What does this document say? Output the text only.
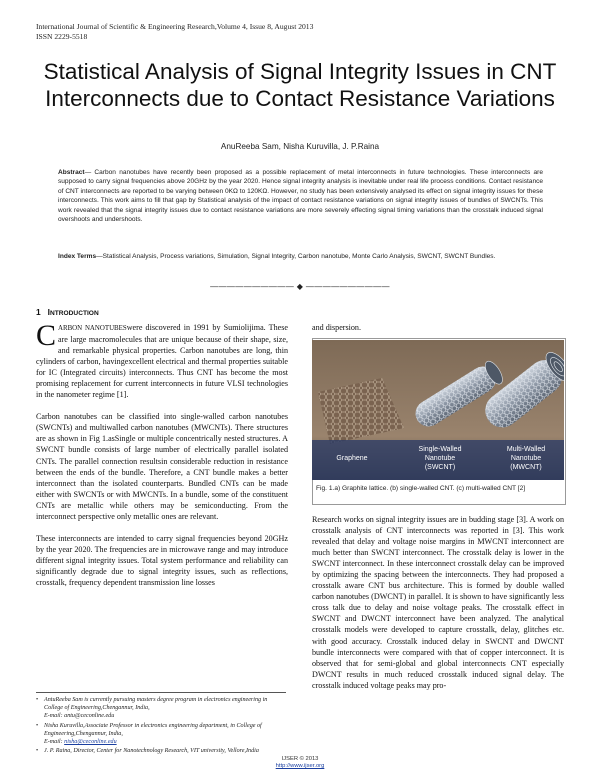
International Journal of Scientific & Engineering Research,Volume 4, Issue 8, August 2013
ISSN 2229-5518
Statistical Analysis of Signal Integrity Issues in CNT Interconnects due to Contact Resistance Variations
AnuReeba Sam, Nisha Kuruvilla, J. P.Raina
Abstract— Carbon nanotubes have recently been proposed as a possible replacement of metal interconnects in future technologies. These interconnects are supposed to carry signal frequencies above 20GHz by the year 2020. Hence signal integrity analysis is inevitable under real life process conditions. Contact resistance of CNT interconnects are reported to be varying between 0KΩ to 120KΩ. However, no study has been extensively analysed its effect on signal integrity issues for these interconnects. This work aims to fill that gap by Statistical analysis of the impact of contact resistance variations on signal integrity issues of bundles of SWCNTs. This work revealed that the signal integrity issues due to contact resistance variations are more severely effecting signal timing variations than the crosstalk induced signal overshoots and undershoots.
Index Terms—Statistical Analysis, Process variations, Simulation, Signal Integrity, Carbon nanotube, Monte Carlo Analysis, SWCNT, SWCNT Bundles.
—————————— ◆ ——————————
1 INTRODUCTION

CARBON NANOTUBESwere discovered in 1991 by Sumiolijima. These are large macromolecules that are unique because of their shape, size, and remarkable physical properties. Carbon nanotubes are long, thin cylinders of carbon, havingexcellent electrical and thermal properties suitable for IC (Integrated circuits) interconnects. Thus CNT has become the most promising replacement for current interconnects in future VLSI technologies in the nanometer regime [1].

Carbon nanotubes can be classified into single-walled carbon nanotubes (SWCNTs) and multiwalled carbon nanotubes (MWCNTs). There structures are as shown in Fig 1.asSingle or multiple concentrically nested structures. A SWCNT bundle consists of large number of electrically parallel isolated CNTs. The parallel connection resultsin considerable reduction in resistance between the ends of the bundle. Therefore, a CNT bundle makes a better interconnect than the isolated counterparts. Bundled CNTs can be made either with SWCNTs or with MWCNTs. In a bundle, some of the constituent CNTs are metallic while others may be semiconducting. From the interconnect perspective only metallic ones are relevant.

These interconnects are intended to carry signal frequencies beyond 20GHz by the year 2020. The frequencies are in microwave range and may introduce different signal integrity issues. Total system performance and reliability can significantly degrade due to signal integrity issues, such as reflections, crosstalk, frequency dependent transmission line losses

and dispersion.
Graphene
Single-Walled
Nanotube
(SWCNT)
Multi-Walled
Nanotube
(MWCNT)
Fig. 1.a) Graphite lattice. (b) single-walled CNT. (c) multi-walled CNT [2]
Research works on signal integrity issues are in budding stage [3]. A work on crosstalk analysis of CNT interconnects was reported in [3]. This work revealed that delay and voltage noise margins in MWCNT interconnect are much better than SWCNT interconnect. The crosstalk delay is lower in the SWCNT interconnect. In these interconnect crosstalk delay can be improved by optimizing the spacing between the interconnects. They had proposed a crosstalk aware CNT bus architecture. This is formed by double walled carbon nanotubes (DWCNT) in parallel. It is shown to have significantly less cross talk due to delay and noise voltage peaks. The crosstalk effect in SWCNT and DWCNT interconnect have been analyzed. The analytical crosstalk models were developed to capture crosstalk, delay, glitches etc. with good accuracy. Crosstalk induced delay in SWCNT and DWCNT bundle interconnects were compared with that of copper interconnect. It is observed that for semi-global and global interconnects CNT especially DWCNT results in much reduced crosstalk induced signal delay. The crosstalk induced voltage peaks may pro-
• AntuReeba Sam is currently pursuing masters degree program in electronics engineering in College of Engineering,Chengannur, India,
E-mail: antu@ceconline.edu
• Nisha Kuruvilla,Associate Professor in electronics engineering department, in College of Engineering,Chengannur, India,
E-mail: nisha@ceconline.edu
• J. P. Raina, Director, Center for Nanotechnology Research, VIT university, Vellore,India
IJSER © 2013
http://www.ijser.org
